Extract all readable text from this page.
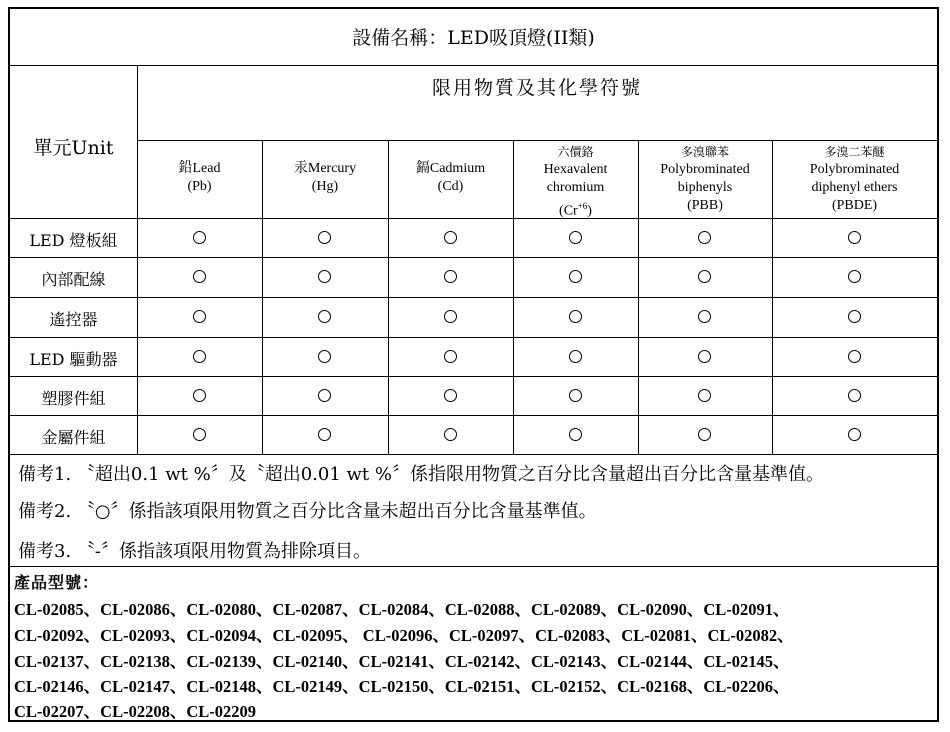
設備名稱：LED吸頂燈(II類)
限用物質及其化學符號
單元Unit
鉛Lead
(Pb)
汞Mercury
(Hg)
鎘Cadmium
(Cd)
六價鉻
Hexavalent
chromium
$(Cr^{+6})$
多溴聯苯
Polybrominated
biphenyls
(PBB)
多溴二苯醚
Polybrominated
diphenyl ethers
(PBDE)
LED 燈板組
內部配線
遙控器
LED 驅動器
塑膠件組
金屬件組
備考1. 〝超出0.1 wt %〞及〝超出0.01 wt %〞係指限用物質之百分比含量超出百分比含量基準值。
備考2. 〝○〞係指該項限用物質之百分比含量未超出百分比含量基準值。
備考3. 〝-〞係指該項限用物質為排除項目。
產品型號：
CL-02085、CL-02086、CL-02080、CL-02087、CL-02084、CL-02088、CL-02089、CL-02090、CL-02091、
CL-02092、CL-02093、CL-02094、CL-02095、 CL-02096、CL-02097、CL-02083、CL-02081、CL-02082、
CL-02137、CL-02138、CL-02139、CL-02140、CL-02141、CL-02142、CL-02143、CL-02144、CL-02145、
CL-02146、CL-02147、CL-02148、CL-02149、CL-02150、CL-02151、CL-02152、CL-02168、CL-02206、
CL-02207、CL-02208、CL-02209
